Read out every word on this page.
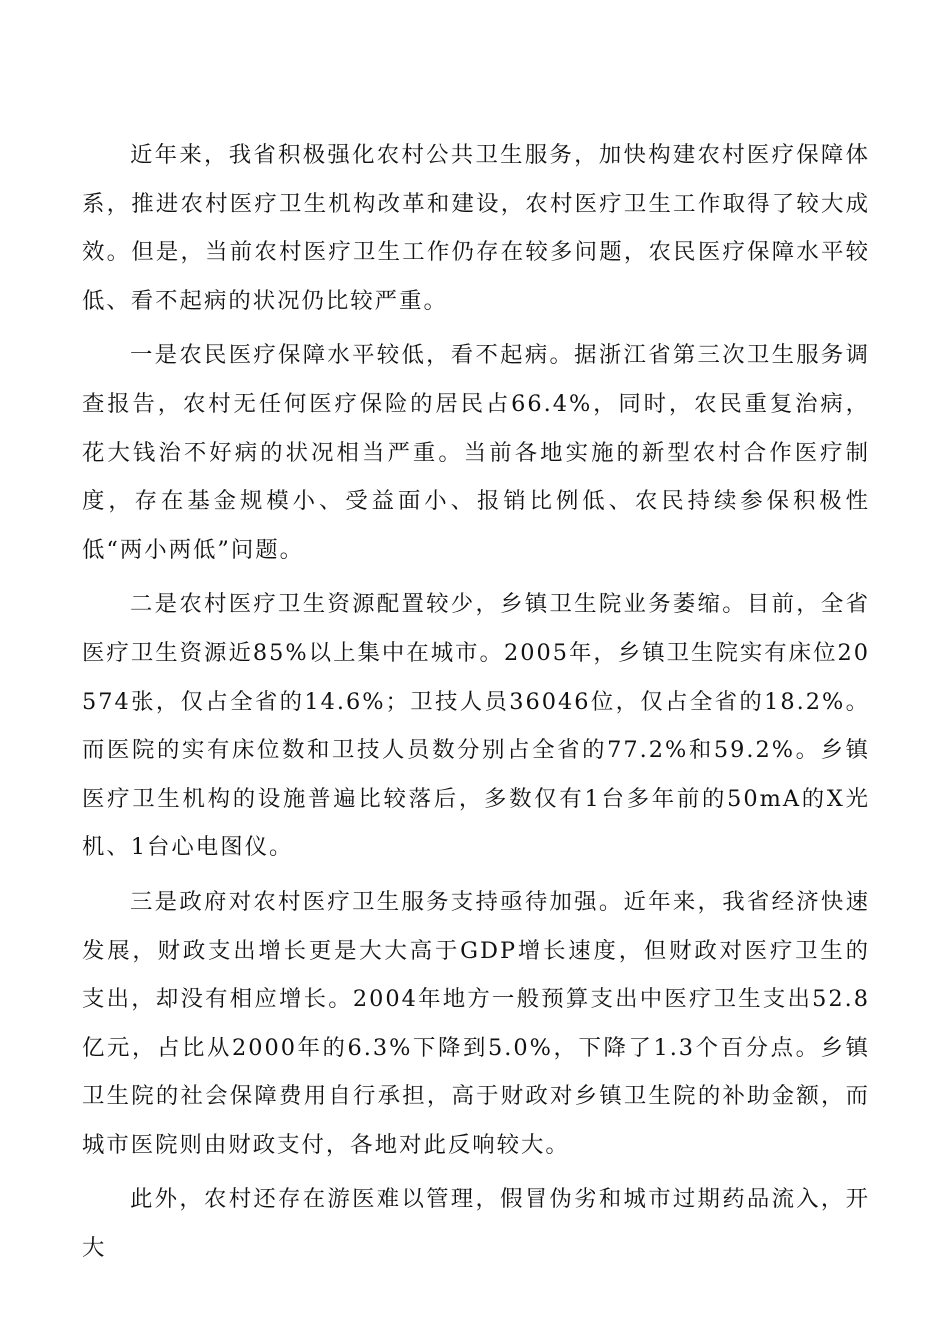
近年来，我省积极强化农村公共卫生服务，加快构建农村医疗保障体系，推进农村医疗卫生机构改革和建设，农村医疗卫生工作取得了较大成效。但是，当前农村医疗卫生工作仍存在较多问题，农民医疗保障水平较低、看不起病的状况仍比较严重。

一是农民医疗保障水平较低，看不起病。据浙江省第三次卫生服务调查报告，农村无任何医疗保险的居民占66.4%，同时，农民重复治病，花大钱治不好病的状况相当严重。当前各地实施的新型农村合作医疗制度，存在基金规模小、受益面小、报销比例低、农民持续参保积极性低“两小两低”问题。

二是农村医疗卫生资源配置较少，乡镇卫生院业务萎缩。目前，全省医疗卫生资源近85%以上集中在城市。2005年，乡镇卫生院实有床位20574张，仅占全省的14.6%；卫技人员36046位，仅占全省的18.2%。而医院的实有床位数和卫技人员数分别占全省的77.2%和59.2%。乡镇医疗卫生机构的设施普遍比较落后，多数仅有1台多年前的50mA的X光机、1台心电图仪。

三是政府对农村医疗卫生服务支持亟待加强。近年来，我省经济快速发展，财政支出增长更是大大高于GDP增长速度，但财政对医疗卫生的支出，却没有相应增长。2004年地方一般预算支出中医疗卫生支出52.8亿元，占比从2000年的6.3%下降到5.0%，下降了1.3个百分点。乡镇卫生院的社会保障费用自行承担，高于财政对乡镇卫生院的补助金额，而城市医院则由财政支付，各地对此反响较大。

此外，农村还存在游医难以管理，假冒伪劣和城市过期药品流入，开大
